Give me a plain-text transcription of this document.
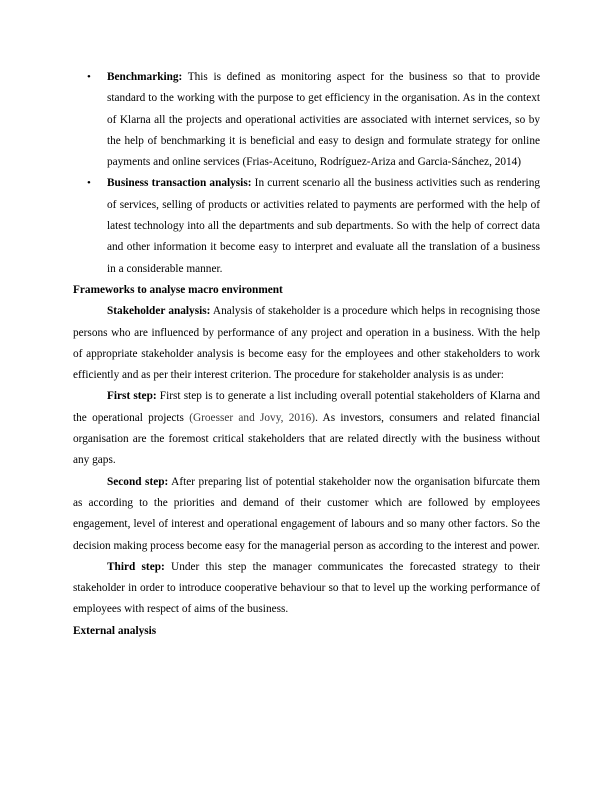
• Benchmarking: This is defined as monitoring aspect for the business so that to provide standard to the working with the purpose to get efficiency in the organisation. As in the context of Klarna all the projects and operational activities are associated with internet services, so by the help of benchmarking it is beneficial and easy to design and formulate strategy for online payments and online services (Frias-Aceituno, Rodríguez-Ariza and Garcia-Sánchez, 2014)
• Business transaction analysis: In current scenario all the business activities such as rendering of services, selling of products or activities related to payments are performed with the help of latest technology into all the departments and sub departments. So with the help of correct data and other information it become easy to interpret and evaluate all the translation of a business in a considerable manner.

Frameworks to analyse macro environment

Stakeholder analysis: Analysis of stakeholder is a procedure which helps in recognising those persons who are influenced by performance of any project and operation in a business. With the help of appropriate stakeholder analysis is become easy for the employees and other stakeholders to work efficiently and as per their interest criterion. The procedure for stakeholder analysis is as under:

First step: First step is to generate a list including overall potential stakeholders of Klarna and the operational projects (Groesser and Jovy, 2016). As investors, consumers and related financial organisation are the foremost critical stakeholders that are related directly with the business without any gaps.

Second step: After preparing list of potential stakeholder now the organisation bifurcate them as according to the priorities and demand of their customer which are followed by employees engagement, level of interest and operational engagement of labours and so many other factors. So the decision making process become easy for the managerial person as according to the interest and power.

Third step: Under this step the manager communicates the forecasted strategy to their stakeholder in order to introduce cooperative behaviour so that to level up the working performance of employees with respect of aims of the business.

External analysis
